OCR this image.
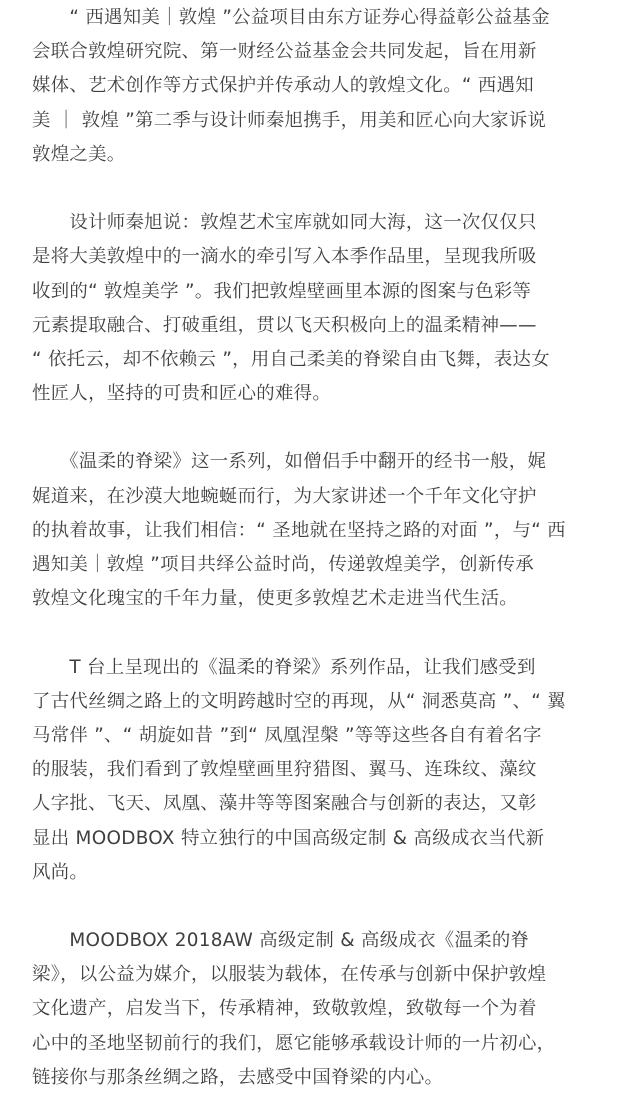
　　“ 西遇知美｜敦煌 ”公益项目由东方证券心得益彰公益基金
会联合敦煌研究院、第一财经公益基金会共同发起，旨在用新
媒体、艺术创作等方式保护并传承动人的敦煌文化。“ 西遇知
美 ｜ 敦煌 ”第二季与设计师秦旭携手，用美和匠心向大家诉说
敦煌之美。

　　设计师秦旭说：敦煌艺术宝库就如同大海，这一次仅仅只
是将大美敦煌中的一滴水的牵引写入本季作品里，呈现我所吸
收到的“ 敦煌美学 ”。我们把敦煌壁画里本源的图案与色彩等
元素提取融合、打破重组，贯以飞天积极向上的温柔精神——
“ 依托云，却不依赖云 ”，用自己柔美的脊梁自由飞舞，表达女
性匠人，坚持的可贵和匠心的难得。

　　《温柔的脊梁》这一系列，如僧侣手中翻开的经书一般，娓
娓道来，在沙漠大地蜿蜒而行，为大家讲述一个千年文化守护
的执着故事，让我们相信：“ 圣地就在坚持之路的对面 ”，与“ 西
遇知美｜敦煌 ”项目共绎公益时尚，传递敦煌美学，创新传承
敦煌文化瑰宝的千年力量，使更多敦煌艺术走进当代生活。

　　T 台上呈现出的《温柔的脊梁》系列作品，让我们感受到
了古代丝绸之路上的文明跨越时空的再现，从“ 洞悉莫高 ”、“ 翼
马常伴 ”、“ 胡旋如昔 ”到“ 凤凰涅槃 ”等等这些各自有着名字
的服装，我们看到了敦煌壁画里狩猎图、翼马、连珠纹、藻纹
人字批、飞天、凤凰、藻井等等图案融合与创新的表达，又彰
显出 MOODBOX 特立独行的中国高级定制 & 高级成衣当代新
风尚。

　　MOODBOX 2018AW 高级定制 & 高级成衣《温柔的脊
梁》，以公益为媒介，以服装为载体，在传承与创新中保护敦煌
文化遗产，启发当下，传承精神，致敬敦煌，致敬每一个为着
心中的圣地坚韧前行的我们，愿它能够承载设计师的一片初心，
链接你与那条丝绸之路，去感受中国脊梁的内心。
